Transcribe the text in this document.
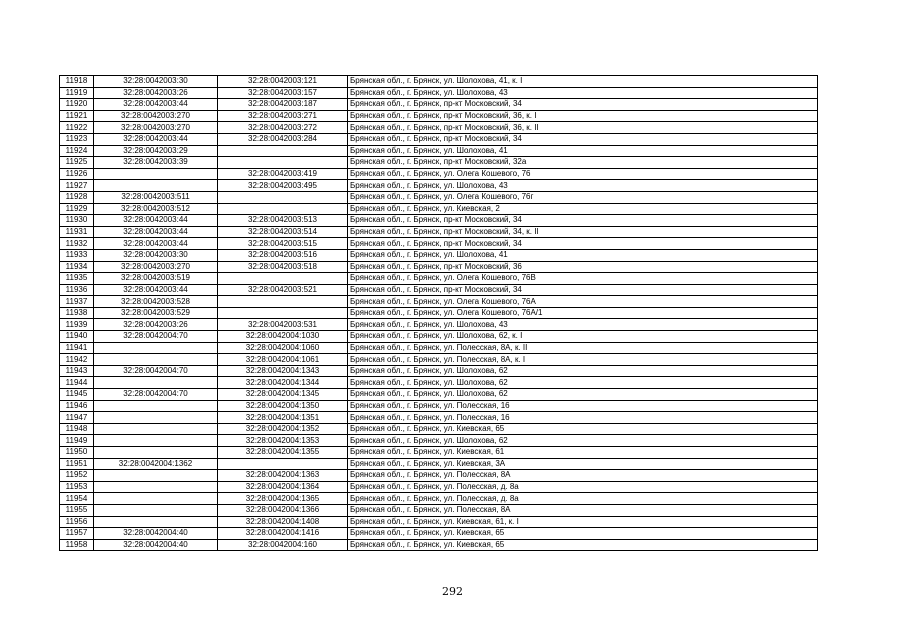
11918	32:28:0042003:30	32:28:0042003:121	Брянская обл., г. Брянск, ул. Шолохова, 41, к. I
11919	32:28:0042003:26	32:28:0042003:157	Брянская обл., г. Брянск, ул. Шолохова, 43
11920	32:28:0042003:44	32:28:0042003:187	Брянская обл., г. Брянск, пр-кт Московский, 34
11921	32:28:0042003:270	32:28:0042003:271	Брянская обл., г. Брянск, пр-кт Московский, 36, к. I
11922	32:28:0042003:270	32:28:0042003:272	Брянская обл., г. Брянск, пр-кт Московский, 36, к. II
11923	32:28:0042003:44	32:28:0042003:284	Брянская обл., г. Брянск, пр-кт Московский, 34
11924	32:28:0042003:29		Брянская обл., г. Брянск, ул. Шолохова, 41
11925	32:28:0042003:39		Брянская обл., г. Брянск, пр-кт Московский, 32а
11926		32:28:0042003:419	Брянская обл., г. Брянск, ул. Олега Кошевого, 76
11927		32:28:0042003:495	Брянская обл., г. Брянск, ул. Шолохова, 43
11928	32:28:0042003:511		Брянская обл., г. Брянск, ул. Олега Кошевого, 76г
11929	32:28:0042003:512		Брянская обл., г. Брянск, ул. Киевская, 2
11930	32:28:0042003:44	32:28:0042003:513	Брянская обл., г. Брянск, пр-кт Московский, 34
11931	32:28:0042003:44	32:28:0042003:514	Брянская обл., г. Брянск, пр-кт Московский, 34, к. II
11932	32:28:0042003:44	32:28:0042003:515	Брянская обл., г. Брянск, пр-кт Московский, 34
11933	32:28:0042003:30	32:28:0042003:516	Брянская обл., г. Брянск, ул. Шолохова, 41
11934	32:28:0042003:270	32:28:0042003:518	Брянская обл., г. Брянск, пр-кт Московский, 36
11935	32:28:0042003:519		Брянская обл., г. Брянск, ул. Олега Кошевого, 76В
11936	32:28:0042003:44	32:28:0042003:521	Брянская обл., г. Брянск, пр-кт Московский, 34
11937	32:28:0042003:528		Брянская обл., г. Брянск, ул. Олега Кошевого, 76А
11938	32:28:0042003:529		Брянская обл., г. Брянск, ул. Олега Кошевого, 76А/1
11939	32:28:0042003:26	32:28:0042003:531	Брянская обл., г. Брянск, ул. Шолохова, 43
11940	32:28:0042004:70	32:28:0042004:1030	Брянская обл., г. Брянск, ул. Шолохова, 62, к. I
11941		32:28:0042004:1060	Брянская обл., г. Брянск, ул. Полесская, 8А, к. II
11942		32:28:0042004:1061	Брянская обл., г. Брянск, ул. Полесская, 8А, к. I
11943	32:28:0042004:70	32:28:0042004:1343	Брянская обл., г. Брянск, ул. Шолохова, 62
11944		32:28:0042004:1344	Брянская обл., г. Брянск, ул. Шолохова, 62
11945	32:28:0042004:70	32:28:0042004:1345	Брянская обл., г. Брянск, ул. Шолохова, 62
11946		32:28:0042004:1350	Брянская обл., г. Брянск, ул. Полесская, 16
11947		32:28:0042004:1351	Брянская обл., г. Брянск, ул. Полесская, 16
11948		32:28:0042004:1352	Брянская обл., г. Брянск, ул. Киевская, 65
11949		32:28:0042004:1353	Брянская обл., г. Брянск, ул. Шолохова, 62
11950		32:28:0042004:1355	Брянская обл., г. Брянск, ул. Киевская, 61
11951	32:28:0042004:1362		Брянская обл., г. Брянск, ул. Киевская, 3А
11952		32:28:0042004:1363	Брянская обл., г. Брянск, ул. Полесская, 8А
11953		32:28:0042004:1364	Брянская обл., г. Брянск, ул. Полесская, д. 8а
11954		32:28:0042004:1365	Брянская обл., г. Брянск, ул. Полесская, д. 8а
11955		32:28:0042004:1366	Брянская обл., г. Брянск, ул. Полесская, 8А
11956		32:28:0042004:1408	Брянская обл., г. Брянск, ул. Киевская, 61, к. I
11957	32:28:0042004:40	32:28:0042004:1416	Брянская обл., г. Брянск, ул. Киевская, 65
11958	32:28:0042004:40	32:28:0042004:160	Брянская обл., г. Брянск, ул. Киевская, 65
292
